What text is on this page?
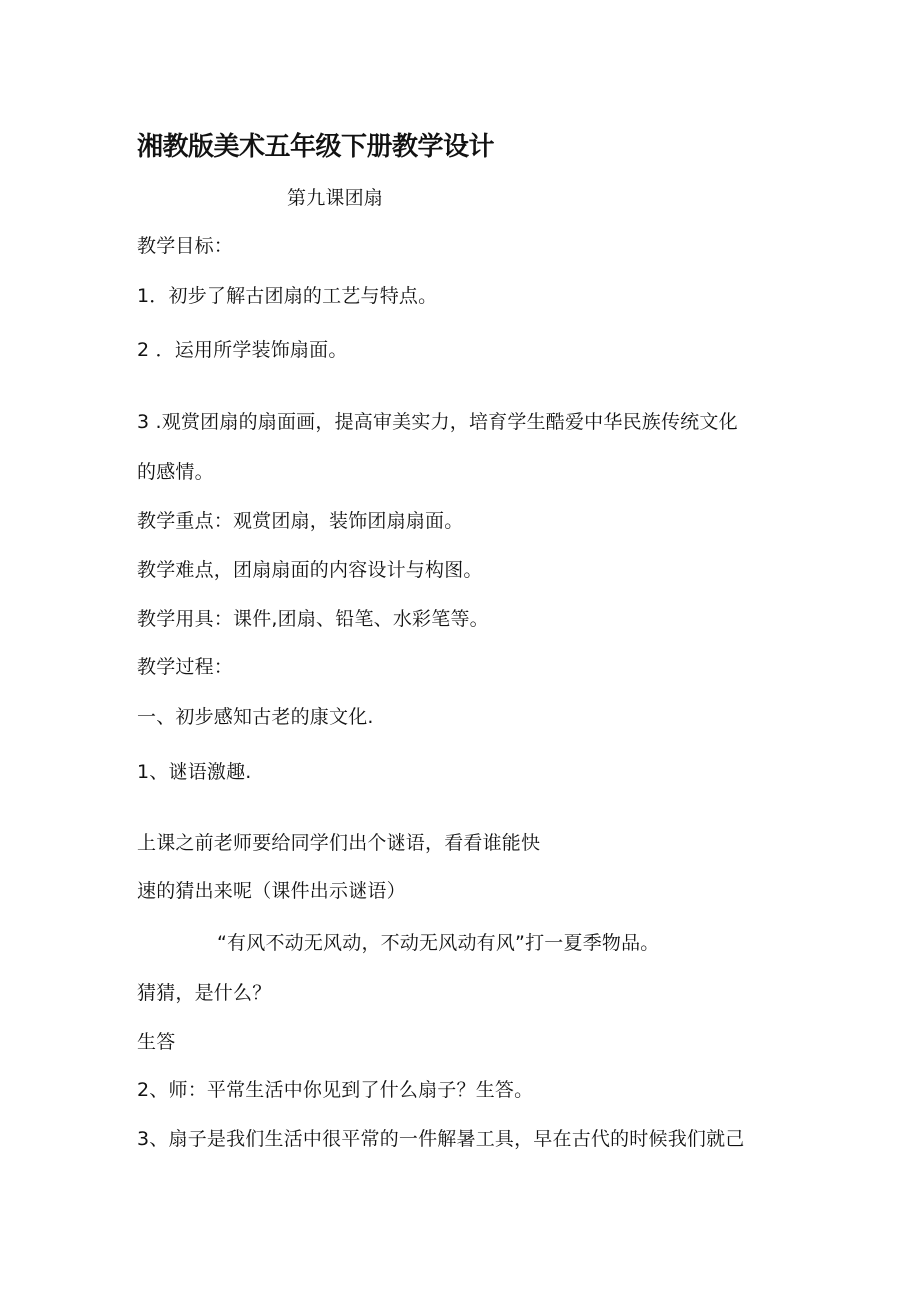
湘教版美术五年级下册教学设计
第九课团扇
教学目标：
1．初步了解古团扇的工艺与特点。
2 ．运用所学装饰扇面。
3 .观赏团扇的扇面画，提高审美实力，培育学生酷爱中华民族传统文化
的感情。
教学重点：观赏团扇，装饰团扇扇面。
教学难点，团扇扇面的内容设计与构图。
教学用具：课件,团扇、铅笔、水彩笔等。
教学过程：
一、初步感知古老的康文化.
1、谜语激趣.
上课之前老师要给同学们出个谜语，看看谁能快
速的猜出来呢（课件出示谜语）
“有风不动无风动，不动无风动有风”打一夏季物品。
猜猜，是什么？
生答
2、师：平常生活中你见到了什么扇子？生答。
3、扇子是我们生活中很平常的一件解暑工具，早在古代的时候我们就己
